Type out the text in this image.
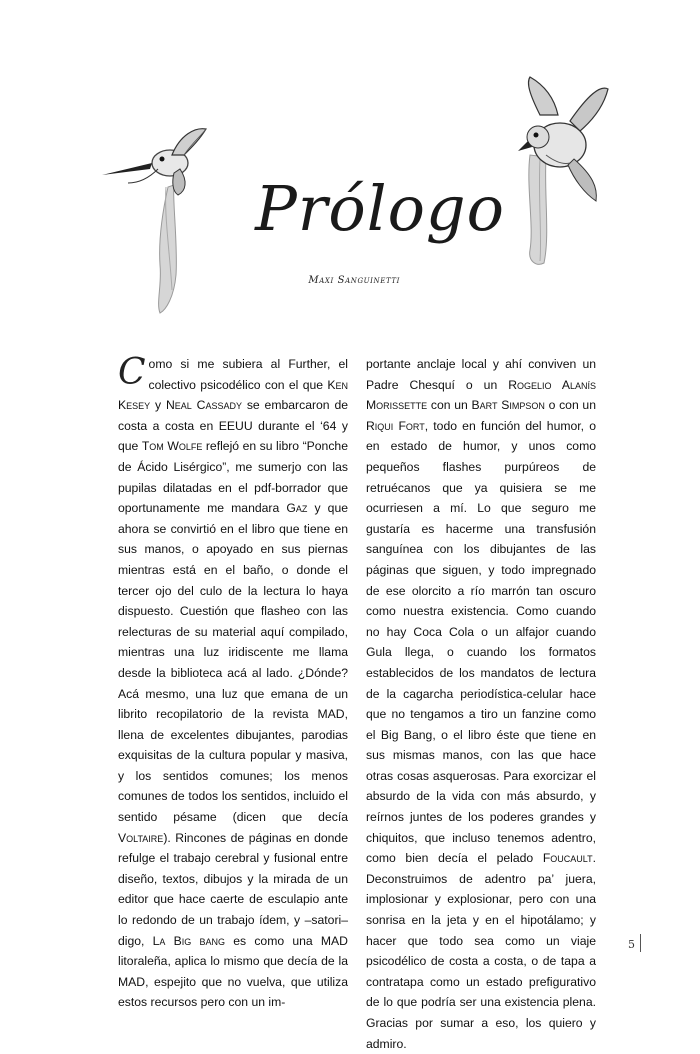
Prólogo
Maxi Sanguinetti

Como si me subiera al Further, el colectivo psicodélico con el que Ken Kesey y Neal Cassady se embarcaron de costa a costa en EEUU durante el ‘64 y que Tom Wolfe reflejó en su libro “Ponche de Ácido Lisérgico”, me sumerjo con las pupilas dilatadas en el pdf-borrador que oportunamente me mandara Gaz y que ahora se convirtió en el libro que tiene en sus manos, o apoyado en sus piernas mientras está en el baño, o donde el tercer ojo del culo de la lectura lo haya dispuesto. Cuestión que flasheo con las relecturas de su material aquí compilado, mientras una luz iridiscente me llama desde la biblioteca acá al lado. ¿Dónde? Acá mesmo, una luz que emana de un librito recopilatorio de la revista MAD, llena de excelentes dibujantes, parodias exquisitas de la cultura popular y masiva, y los sentidos comunes; los menos comunes de todos los sentidos, incluido el sentido pésame (dicen que decía Voltaire). Rincones de páginas en donde refulge el trabajo cerebral y fusional entre diseño, textos, dibujos y la mirada de un editor que hace caerte de esculapio ante lo redondo de un trabajo ídem, y –satori– digo, La Big bang es como una MAD litoraleña, aplica lo mismo que decía de la MAD, espejito que no vuelva, que utiliza estos recursos pero con un im-

portante anclaje local y ahí conviven un Padre Chesquí o un Rogelio Alanís Morissette con un Bart Simpson o con un Riqui Fort, todo en función del humor, o en estado de humor, y unos como pequeños flashes purpúreos de retruécanos que ya quisiera se me ocurriesen a mí. Lo que seguro me gustaría es hacerme una transfusión sanguínea con los dibujantes de las páginas que siguen, y todo impregnado de ese olorcito a río marrón tan oscuro como nuestra existencia. Como cuando no hay Coca Cola o un alfajor cuando Gula llega, o cuando los formatos establecidos de los mandatos de lectura de la cagarcha periodística-celular hace que no tengamos a tiro un fanzine como el Big Bang, o el libro éste que tiene en sus mismas manos, con las que hace otras cosas asquerosas. Para exorcizar el absurdo de la vida con más absurdo, y reírnos juntes de los poderes grandes y chiquitos, que incluso tenemos adentro, como bien decía el pelado Foucault. Deconstruimos de adentro pa’ juera, implosionar y explosionar, pero con una sonrisa en la jeta y en el hipotálamo; y hacer que todo sea como un viaje psicodélico de costa a costa, o de tapa a contratapa como un estado prefigurativo de lo que podría ser una existencia plena. Gracias por sumar a eso, los quiero y admiro.

5
